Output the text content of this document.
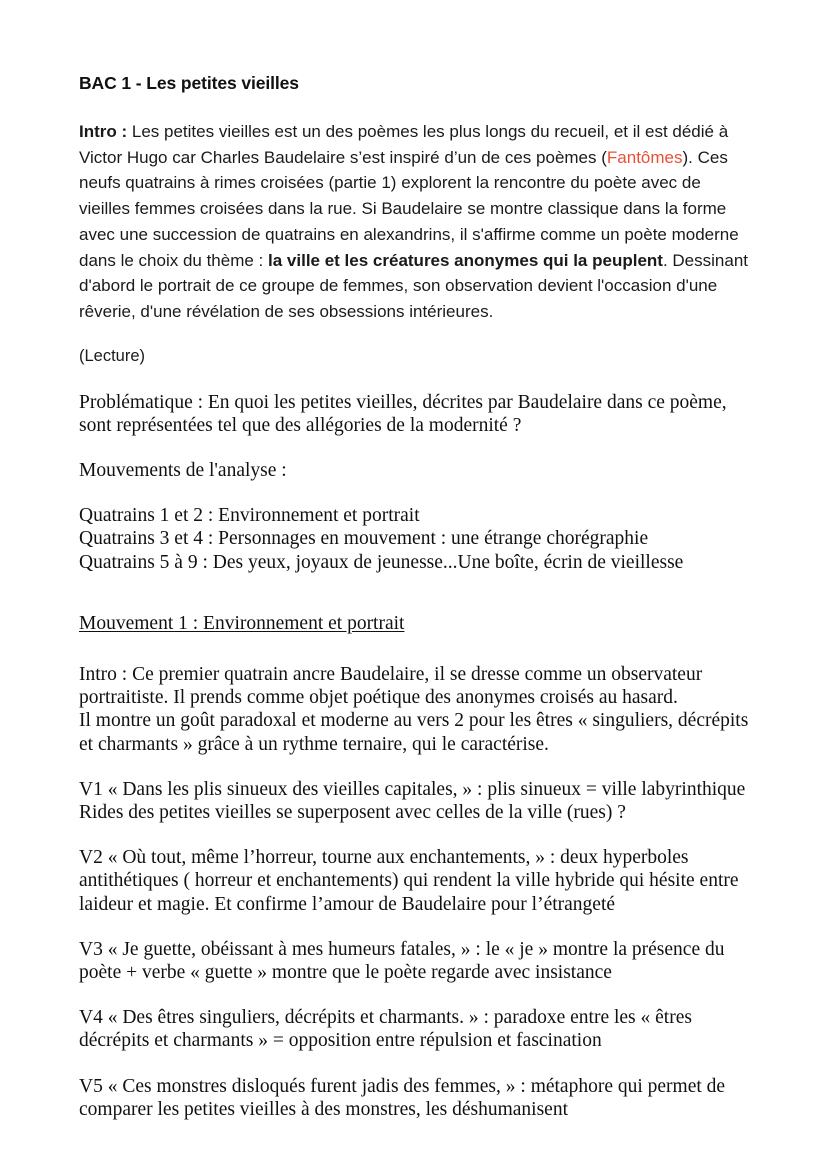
BAC 1 - Les petites vieilles

Intro : Les petites vieilles est un des poèmes les plus longs du recueil, et il est dédié à Victor Hugo car Charles Baudelaire s’est inspiré d’un de ces poèmes (Fantômes). Ces neufs quatrains à rimes croisées (partie 1) explorent la rencontre du poète avec de vieilles femmes croisées dans la rue. Si Baudelaire se montre classique dans la forme avec une succession de quatrains en alexandrins, il s'affirme comme un poète moderne dans le choix du thème : la ville et les créatures anonymes qui la peuplent. Dessinant d'abord le portrait de ce groupe de femmes, son observation devient l'occasion d'une rêverie, d'une révélation de ses obsessions intérieures.

(Lecture)

Problématique : En quoi les petites vieilles, décrites par Baudelaire dans ce poème, sont représentées tel que des allégories de la modernité ?

Mouvements de l'analyse :

Quatrains 1 et 2 : Environnement et portrait
Quatrains 3 et 4 : Personnages en mouvement : une étrange chorégraphie
Quatrains 5 à 9 : Des yeux, joyaux de jeunesse...Une boîte, écrin de vieillesse
Mouvement 1 : Environnement et portrait

Intro : Ce premier quatrain ancre Baudelaire, il se dresse comme un observateur portraitiste. Il prends comme objet poétique des anonymes croisés au hasard.
Il montre un goût paradoxal et moderne au vers 2 pour les êtres « singuliers, décrépits et charmants » grâce à un rythme ternaire, qui le caractérise.

V1 « Dans les plis sinueux des vieilles capitales, » : plis sinueux = ville labyrinthique
Rides des petites vieilles se superposent avec celles de la ville (rues) ?

V2 « Où tout, même l’horreur, tourne aux enchantements, » : deux hyperboles antithétiques ( horreur et enchantements) qui rendent la ville hybride qui hésite entre laideur et magie. Et confirme l’amour de Baudelaire pour l’étrangeté

V3 « Je guette, obéissant à mes humeurs fatales, » : le « je » montre la présence du poète + verbe « guette » montre que le poète regarde avec insistance

V4 « Des êtres singuliers, décrépits et charmants. » : paradoxe entre les « êtres décrépits et charmants » = opposition entre répulsion et fascination

V5 « Ces monstres disloqués furent jadis des femmes, » : métaphore qui permet de comparer les petites vieilles à des monstres, les déshumanisent
